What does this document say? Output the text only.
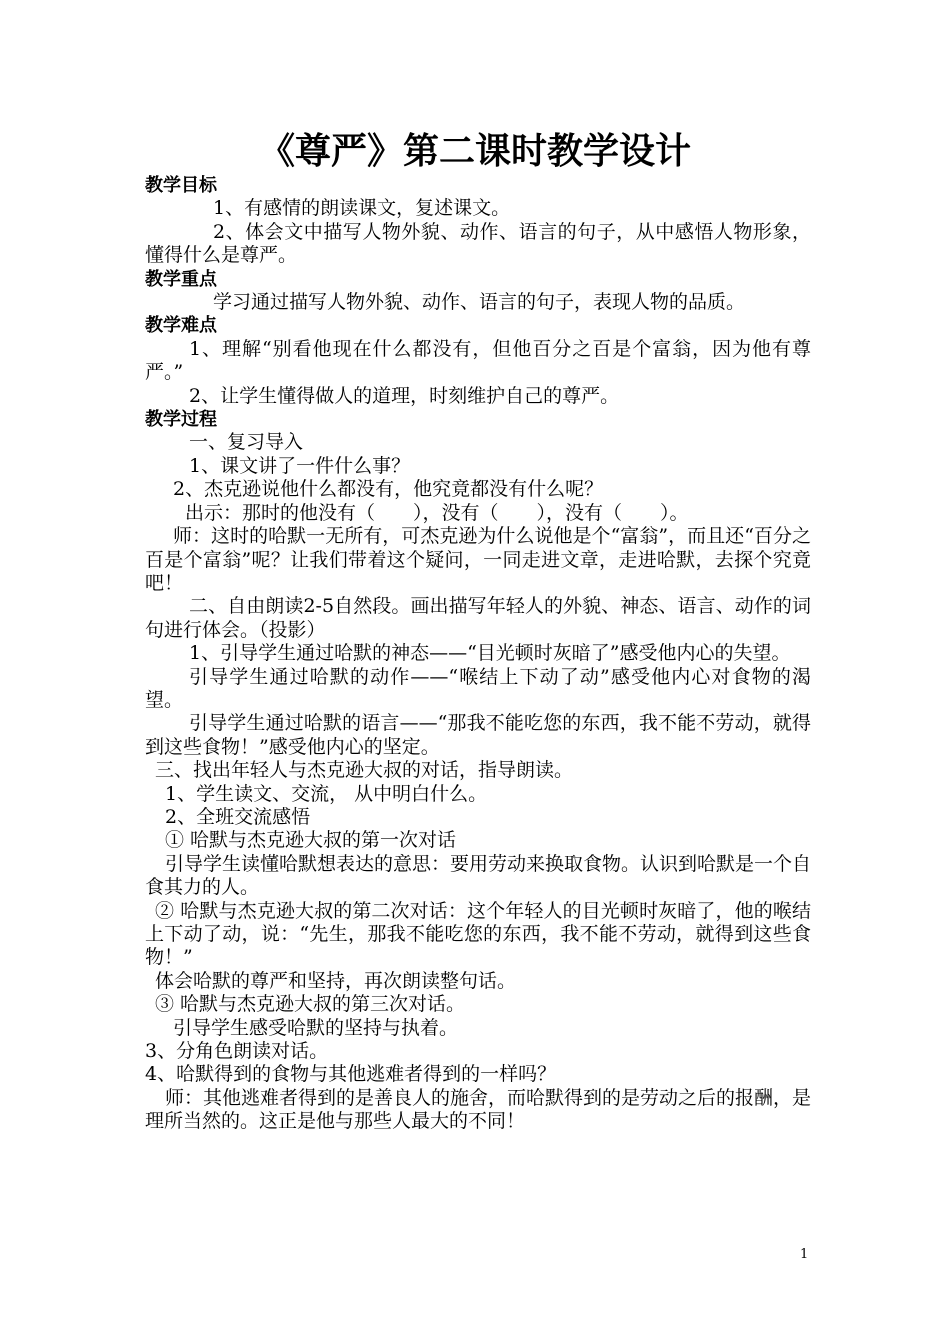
《尊严》第二课时教学设计
教学目标
1、有感情的朗读课文，复述课文。
2、体会文中描写人物外貌、动作、语言的句子，从中感悟人物形象，懂得什么是尊严。
教学重点
学习通过描写人物外貌、动作、语言的句子，表现人物的品质。
教学难点
1、理解“别看他现在什么都没有，但他百分之百是个富翁，因为他有尊严。”
2、让学生懂得做人的道理，时刻维护自己的尊严。
教学过程
一、复习导入
1、课文讲了一件什么事？
2、杰克逊说他什么都没有，他究竟都没有什么呢？
出示：那时的他没有（　　），没有（　　），没有（　　）。
师：这时的哈默一无所有，可杰克逊为什么说他是个“富翁”，而且还“百分之百是个富翁”呢？让我们带着这个疑问，一同走进文章，走进哈默，去探个究竟吧！
二、自由朗读2-5自然段。画出描写年轻人的外貌、神态、语言、动作的词句进行体会。（投影）
1、引导学生通过哈默的神态——“目光顿时灰暗了”感受他内心的失望。
引导学生通过哈默的动作——“喉结上下动了动”感受他内心对食物的渴望。
引导学生通过哈默的语言——“那我不能吃您的东西，我不能不劳动，就得到这些食物！”感受他内心的坚定。
三、找出年轻人与杰克逊大叔的对话，指导朗读。
1、学生读文、交流， 从中明白什么。
2、全班交流感悟
① 哈默与杰克逊大叔的第一次对话
引导学生读懂哈默想表达的意思：要用劳动来换取食物。认识到哈默是一个自食其力的人。
② 哈默与杰克逊大叔的第二次对话：这个年轻人的目光顿时灰暗了，他的喉结上下动了动，说：“先生，那我不能吃您的东西，我不能不劳动，就得到这些食物！”
体会哈默的尊严和坚持，再次朗读整句话。
③ 哈默与杰克逊大叔的第三次对话。
引导学生感受哈默的坚持与执着。
3、分角色朗读对话。
4、哈默得到的食物与其他逃难者得到的一样吗？
师：其他逃难者得到的是善良人的施舍，而哈默得到的是劳动之后的报酬，是理所当然的。这正是他与那些人最大的不同！
1
